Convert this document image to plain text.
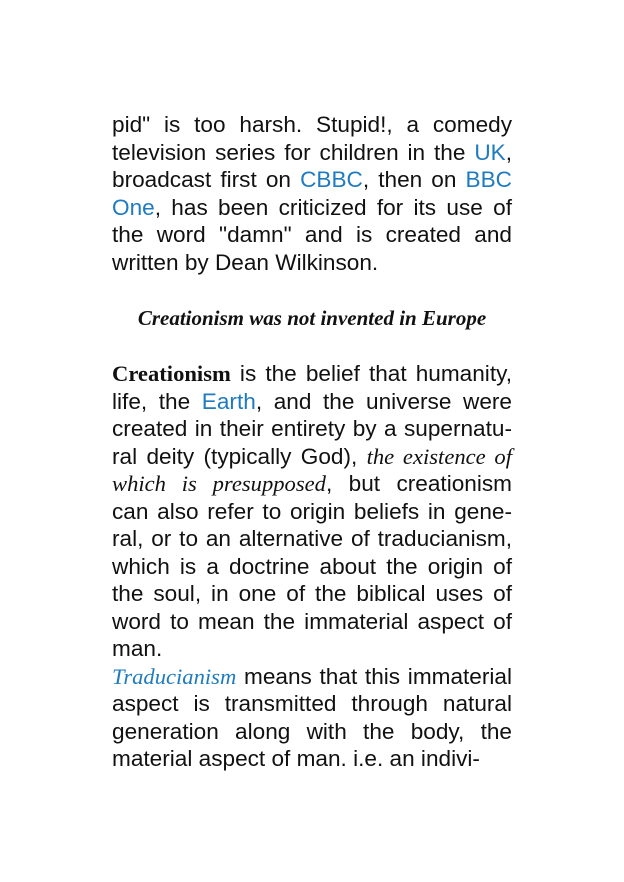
pid" is too harsh. Stupid!, a comedy television series for children in the UK, broadcast first on CBBC, then on BBC One, has been criticized for its use of the word "damn" and is created and written by Dean Wilkinson.

Creationism was not invented in Europe

Creationism is the belief that humanity, life, the Earth, and the universe were created in their entirety by a supernatural deity (typically God), the existence of which is presupposed, but creationism can also refer to origin beliefs in general, or to an alternative of traducianism, which is a doctrine about the origin of the soul, in one of the biblical uses of word to mean the immaterial aspect of man.

Traducianism means that this immaterial aspect is transmitted through natural generation along with the body, the material aspect of man. i.e. an indivi-
